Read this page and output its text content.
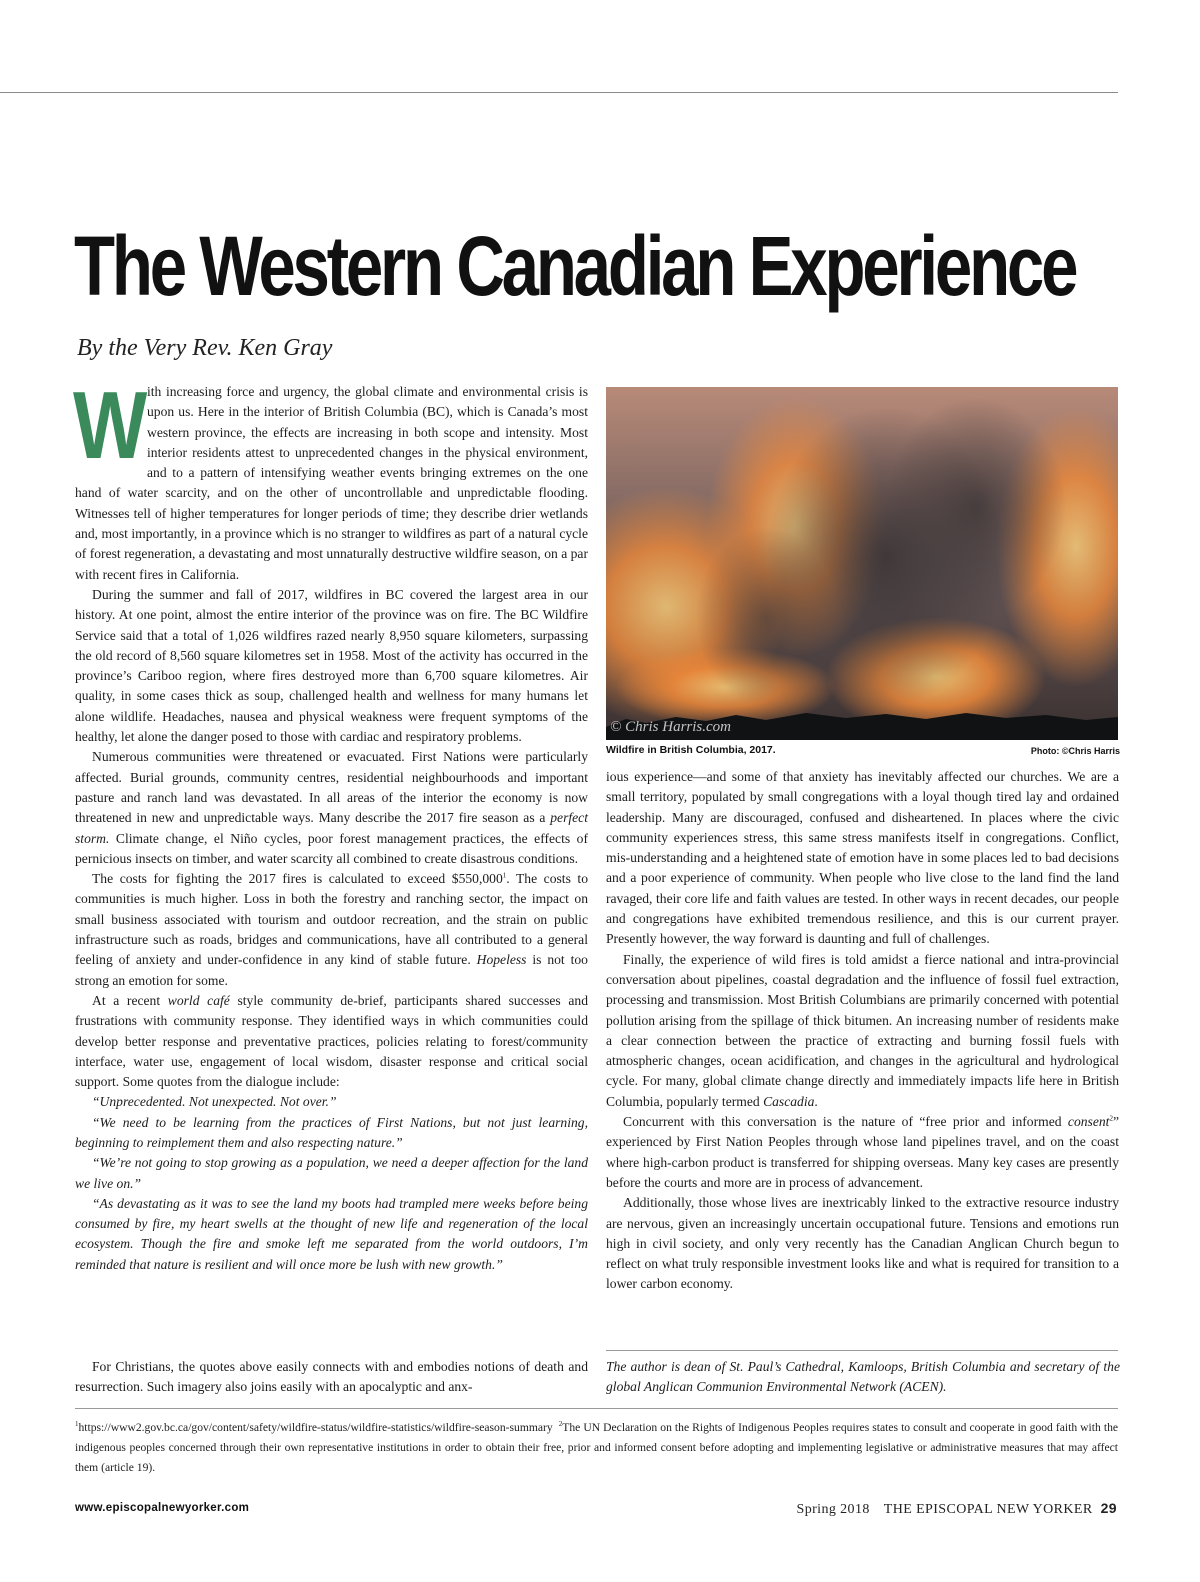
The Western Canadian Experience
By the Very Rev. Ken Gray

With increasing force and urgency, the global climate and environmental crisis is upon us. Here in the interior of British Columbia (BC), which is Canada’s most western province, the effects are increasing in both scope and intensity. Most interior residents attest to unprecedented changes in the physical environment, and to a pattern of intensifying weather events bringing extremes on the one hand of water scarcity, and on the other of uncontrollable and unpredictable flooding. Witnesses tell of higher temperatures for longer periods of time; they describe drier wetlands and, most importantly, in a province which is no stranger to wildfires as part of a natural cycle of forest regeneration, a devastating and most unnaturally destructive wildfire season, on a par with recent fires in California.

During the summer and fall of 2017, wildfires in BC covered the largest area in our history. At one point, almost the entire interior of the province was on fire. The BC Wildfire Service said that a total of 1,026 wildfires razed nearly 8,950 square kilometers, surpassing the old record of 8,560 square kilometres set in 1958. Most of the activity has occurred in the province’s Cariboo region, where fires destroyed more than 6,700 square kilometres. Air quality, in some cases thick as soup, challenged health and wellness for many humans let alone wildlife. Headaches, nausea and physical weakness were frequent symptoms of the healthy, let alone the danger posed to those with cardiac and respiratory problems.

Numerous communities were threatened or evacuated. First Nations were particularly affected. Burial grounds, community centres, residential neighbourhoods and important pasture and ranch land was devastated. In all areas of the interior the economy is now threatened in new and unpredictable ways. Many describe the 2017 fire season as a perfect storm. Climate change, el Niño cycles, poor forest management practices, the effects of pernicious insects on timber, and water scarcity all combined to create disastrous conditions.

The costs for fighting the 2017 fires is calculated to exceed $550,000$^1$. The costs to communities is much higher. Loss in both the forestry and ranching sector, the impact on small business associated with tourism and outdoor recreation, and the strain on public infrastructure such as roads, bridges and communications, have all contributed to a general feeling of anxiety and under-confidence in any kind of stable future. Hopeless is not too strong an emotion for some.

At a recent world café style community de-brief, participants shared successes and frustrations with community response. They identified ways in which communities could develop better response and preventative practices, policies relating to forest/community interface, water use, engagement of local wisdom, disaster response and critical social support. Some quotes from the dialogue include:

“Unprecedented. Not unexpected. Not over.”

“We need to be learning from the practices of First Nations, but not just learning, beginning to reimplement them and also respecting nature.”

“We’re not going to stop growing as a population, we need a deeper affection for the land we live on.”

“As devastating as it was to see the land my boots had trampled mere weeks before being consumed by fire, my heart swells at the thought of new life and regeneration of the local ecosystem. Though the fire and smoke left me separated from the world outdoors, I’m reminded that nature is resilient and will once more be lush with new growth.”

For Christians, the quotes above easily connects with and embodies notions of death and resurrection. Such imagery also joins easily with an apocalyptic and anx-

© Chris Harris.com
Wildfire in British Columbia, 2017.	Photo: ©Chris Harris

ious experience—and some of that anxiety has inevitably affected our churches. We are a small territory, populated by small congregations with a loyal though tired lay and ordained leadership. Many are discouraged, confused and disheartened. In places where the civic community experiences stress, this same stress manifests itself in congregations. Conflict, mis-understanding and a heightened state of emotion have in some places led to bad decisions and a poor experience of community. When people who live close to the land find the land ravaged, their core life and faith values are tested. In other ways in recent decades, our people and congregations have exhibited tremendous resilience, and this is our current prayer. Presently however, the way forward is daunting and full of challenges.

Finally, the experience of wild fires is told amidst a fierce national and intra-provincial conversation about pipelines, coastal degradation and the influence of fossil fuel extraction, processing and transmission. Most British Columbians are primarily concerned with potential pollution arising from the spillage of thick bitumen. An increasing number of residents make a clear connection between the practice of extracting and burning fossil fuels with atmospheric changes, ocean acidification, and changes in the agricultural and hydrological cycle. For many, global climate change directly and immediately impacts life here in British Columbia, popularly termed Cascadia.

Concurrent with this conversation is the nature of “free prior and informed consent$^2$” experienced by First Nation Peoples through whose land pipelines travel, and on the coast where high-carbon product is transferred for shipping overseas. Many key cases are presently before the courts and more are in process of advancement.

Additionally, those whose lives are inextricably linked to the extractive resource industry are nervous, given an increasingly uncertain occupational future. Tensions and emotions run high in civil society, and only very recently has the Canadian Anglican Church begun to reflect on what truly responsible investment looks like and what is required for transition to a lower carbon economy.

The author is dean of St. Paul’s Cathedral, Kamloops, British Columbia and secretary of the global Anglican Communion Environmental Network (ACEN).
$^1$https://www2.gov.bc.ca/gov/content/safety/wildfire-status/wildfire-statistics/wildfire-season-summary $^2$The UN Declaration on the Rights of Indigenous Peoples requires states to consult and cooperate in good faith with the indigenous peoples concerned through their own representative institutions in order to obtain their free, prior and informed consent before adopting and implementing legislative or administrative measures that may affect them (article 19).
www.episcopalnewyorker.com	Spring 2018 THE EPISCOPAL NEW YORKER 29
